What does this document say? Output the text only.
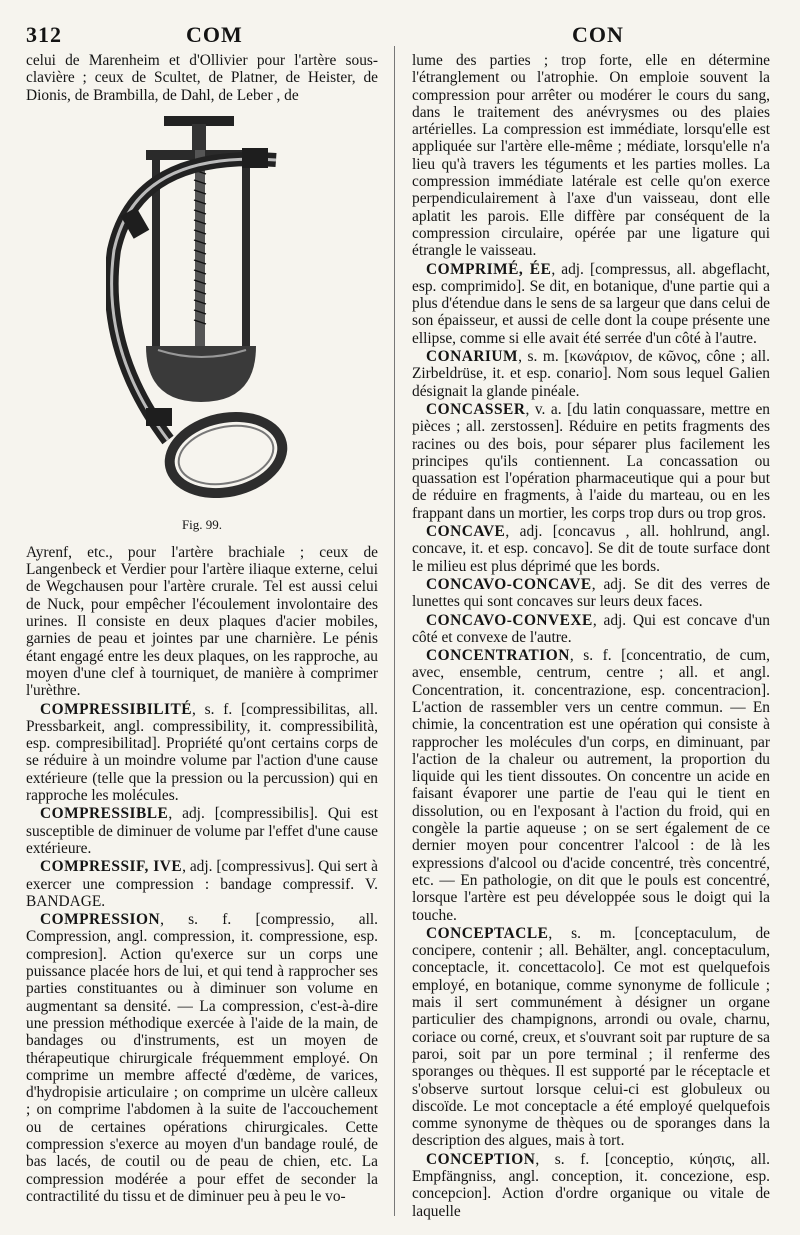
312	COM	CON

celui de Marenheim et d'Ollivier pour l'artère sous-clavière ; ceux de Scultet, de Platner, de Heister, de Dionis, de Brambilla, de Dahl, de Leber , de

Fig. 99.

Ayrenf, etc., pour l'artère brachiale ; ceux de Langenbeck et Verdier pour l'artère iliaque externe, celui de Wegchausen pour l'artère crurale. Tel est aussi celui de Nuck, pour empêcher l'écoulement involontaire des urines. Il consiste en deux plaques d'acier mobiles, garnies de peau et jointes par une charnière. Le pénis étant engagé entre les deux plaques, on les rapproche, au moyen d'une clef à tourniquet, de manière à comprimer l'urèthre.

COMPRESSIBILITÉ, s. f. [compressibilitas, all. Pressbarkeit, angl. compressibility, it. compressibilità, esp. compresibilitad]. Propriété qu'ont certains corps de se réduire à un moindre volume par l'action d'une cause extérieure (telle que la pression ou la percussion) qui en rapproche les molécules.

COMPRESSIBLE, adj. [compressibilis]. Qui est susceptible de diminuer de volume par l'effet d'une cause extérieure.

COMPRESSIF, IVE, adj. [compressivus]. Qui sert à exercer une compression : bandage compressif. V. BANDAGE.

COMPRESSION, s. f. [compressio, all. Compression, angl. compression, it. compressione, esp. compresion]. Action qu'exerce sur un corps une puissance placée hors de lui, et qui tend à rapprocher ses parties constituantes ou à diminuer son volume en augmentant sa densité. — La compression, c'est-à-dire une pression méthodique exercée à l'aide de la main, de bandages ou d'instruments, est un moyen de thérapeutique chirurgicale fréquemment employé. On comprime un membre affecté d'œdème, de varices, d'hydropisie articulaire ; on comprime un ulcère calleux ; on comprime l'abdomen à la suite de l'accouchement ou de certaines opérations chirurgicales. Cette compression s'exerce au moyen d'un bandage roulé, de bas lacés, de coutil ou de peau de chien, etc. La compression modérée a pour effet de seconder la contractilité du tissu et de diminuer peu à peu le vo-

lume des parties ; trop forte, elle en détermine l'étranglement ou l'atrophie. On emploie souvent la compression pour arrêter ou modérer le cours du sang, dans le traitement des anévrysmes ou des plaies artérielles. La compression est immédiate, lorsqu'elle est appliquée sur l'artère elle-même ; médiate, lorsqu'elle n'a lieu qu'à travers les téguments et les parties molles. La compression immédiate latérale est celle qu'on exerce perpendiculairement à l'axe d'un vaisseau, dont elle aplatit les parois. Elle diffère par conséquent de la compression circulaire, opérée par une ligature qui étrangle le vaisseau.

COMPRIMÉ, ÉE, adj. [compressus, all. abgeflacht, esp. comprimido]. Se dit, en botanique, d'une partie qui a plus d'étendue dans le sens de sa largeur que dans celui de son épaisseur, et aussi de celle dont la coupe présente une ellipse, comme si elle avait été serrée d'un côté à l'autre.

CONARIUM, s. m. [κωνάριον, de κῶνος, cône ; all. Zirbeldrüse, it. et esp. conario]. Nom sous lequel Galien désignait la glande pinéale.

CONCASSER, v. a. [du latin conquassare, mettre en pièces ; all. zerstossen]. Réduire en petits fragments des racines ou des bois, pour séparer plus facilement les principes qu'ils contiennent. La concassation ou quassation est l'opération pharmaceutique qui a pour but de réduire en fragments, à l'aide du marteau, ou en les frappant dans un mortier, les corps trop durs ou trop gros.

CONCAVE, adj. [concavus , all. hohlrund, angl. concave, it. et esp. concavo]. Se dit de toute surface dont le milieu est plus déprimé que les bords.

CONCAVO-CONCAVE, adj. Se dit des verres de lunettes qui sont concaves sur leurs deux faces.

CONCAVO-CONVEXE, adj. Qui est concave d'un côté et convexe de l'autre.

CONCENTRATION, s. f. [concentratio, de cum, avec, ensemble, centrum, centre ; all. et angl. Concentration, it. concentrazione, esp. concentracion]. L'action de rassembler vers un centre commun. — En chimie, la concentration est une opération qui consiste à rapprocher les molécules d'un corps, en diminuant, par l'action de la chaleur ou autrement, la proportion du liquide qui les tient dissoutes. On concentre un acide en faisant évaporer une partie de l'eau qui le tient en dissolution, ou en l'exposant à l'action du froid, qui en congèle la partie aqueuse ; on se sert également de ce dernier moyen pour concentrer l'alcool : de là les expressions d'alcool ou d'acide concentré, très concentré, etc. — En pathologie, on dit que le pouls est concentré, lorsque l'artère est peu développée sous le doigt qui la touche.

CONCEPTACLE, s. m. [conceptaculum, de concipere, contenir ; all. Behälter, angl. conceptaculum, conceptacle, it. concettacolo]. Ce mot est quelquefois employé, en botanique, comme synonyme de follicule ; mais il sert communément à désigner un organe particulier des champignons, arrondi ou ovale, charnu, coriace ou corné, creux, et s'ouvrant soit par rupture de sa paroi, soit par un pore terminal ; il renferme des sporanges ou thèques. Il est supporté par le réceptacle et s'observe surtout lorsque celui-ci est globuleux ou discoïde. Le mot conceptacle a été employé quelquefois comme synonyme de thèques ou de sporanges dans la description des algues, mais à tort.

CONCEPTION, s. f. [conceptio, κύησις, all. Empfängniss, angl. conception, it. concezione, esp. concepcion]. Action d'ordre organique ou vitale de laquelle
